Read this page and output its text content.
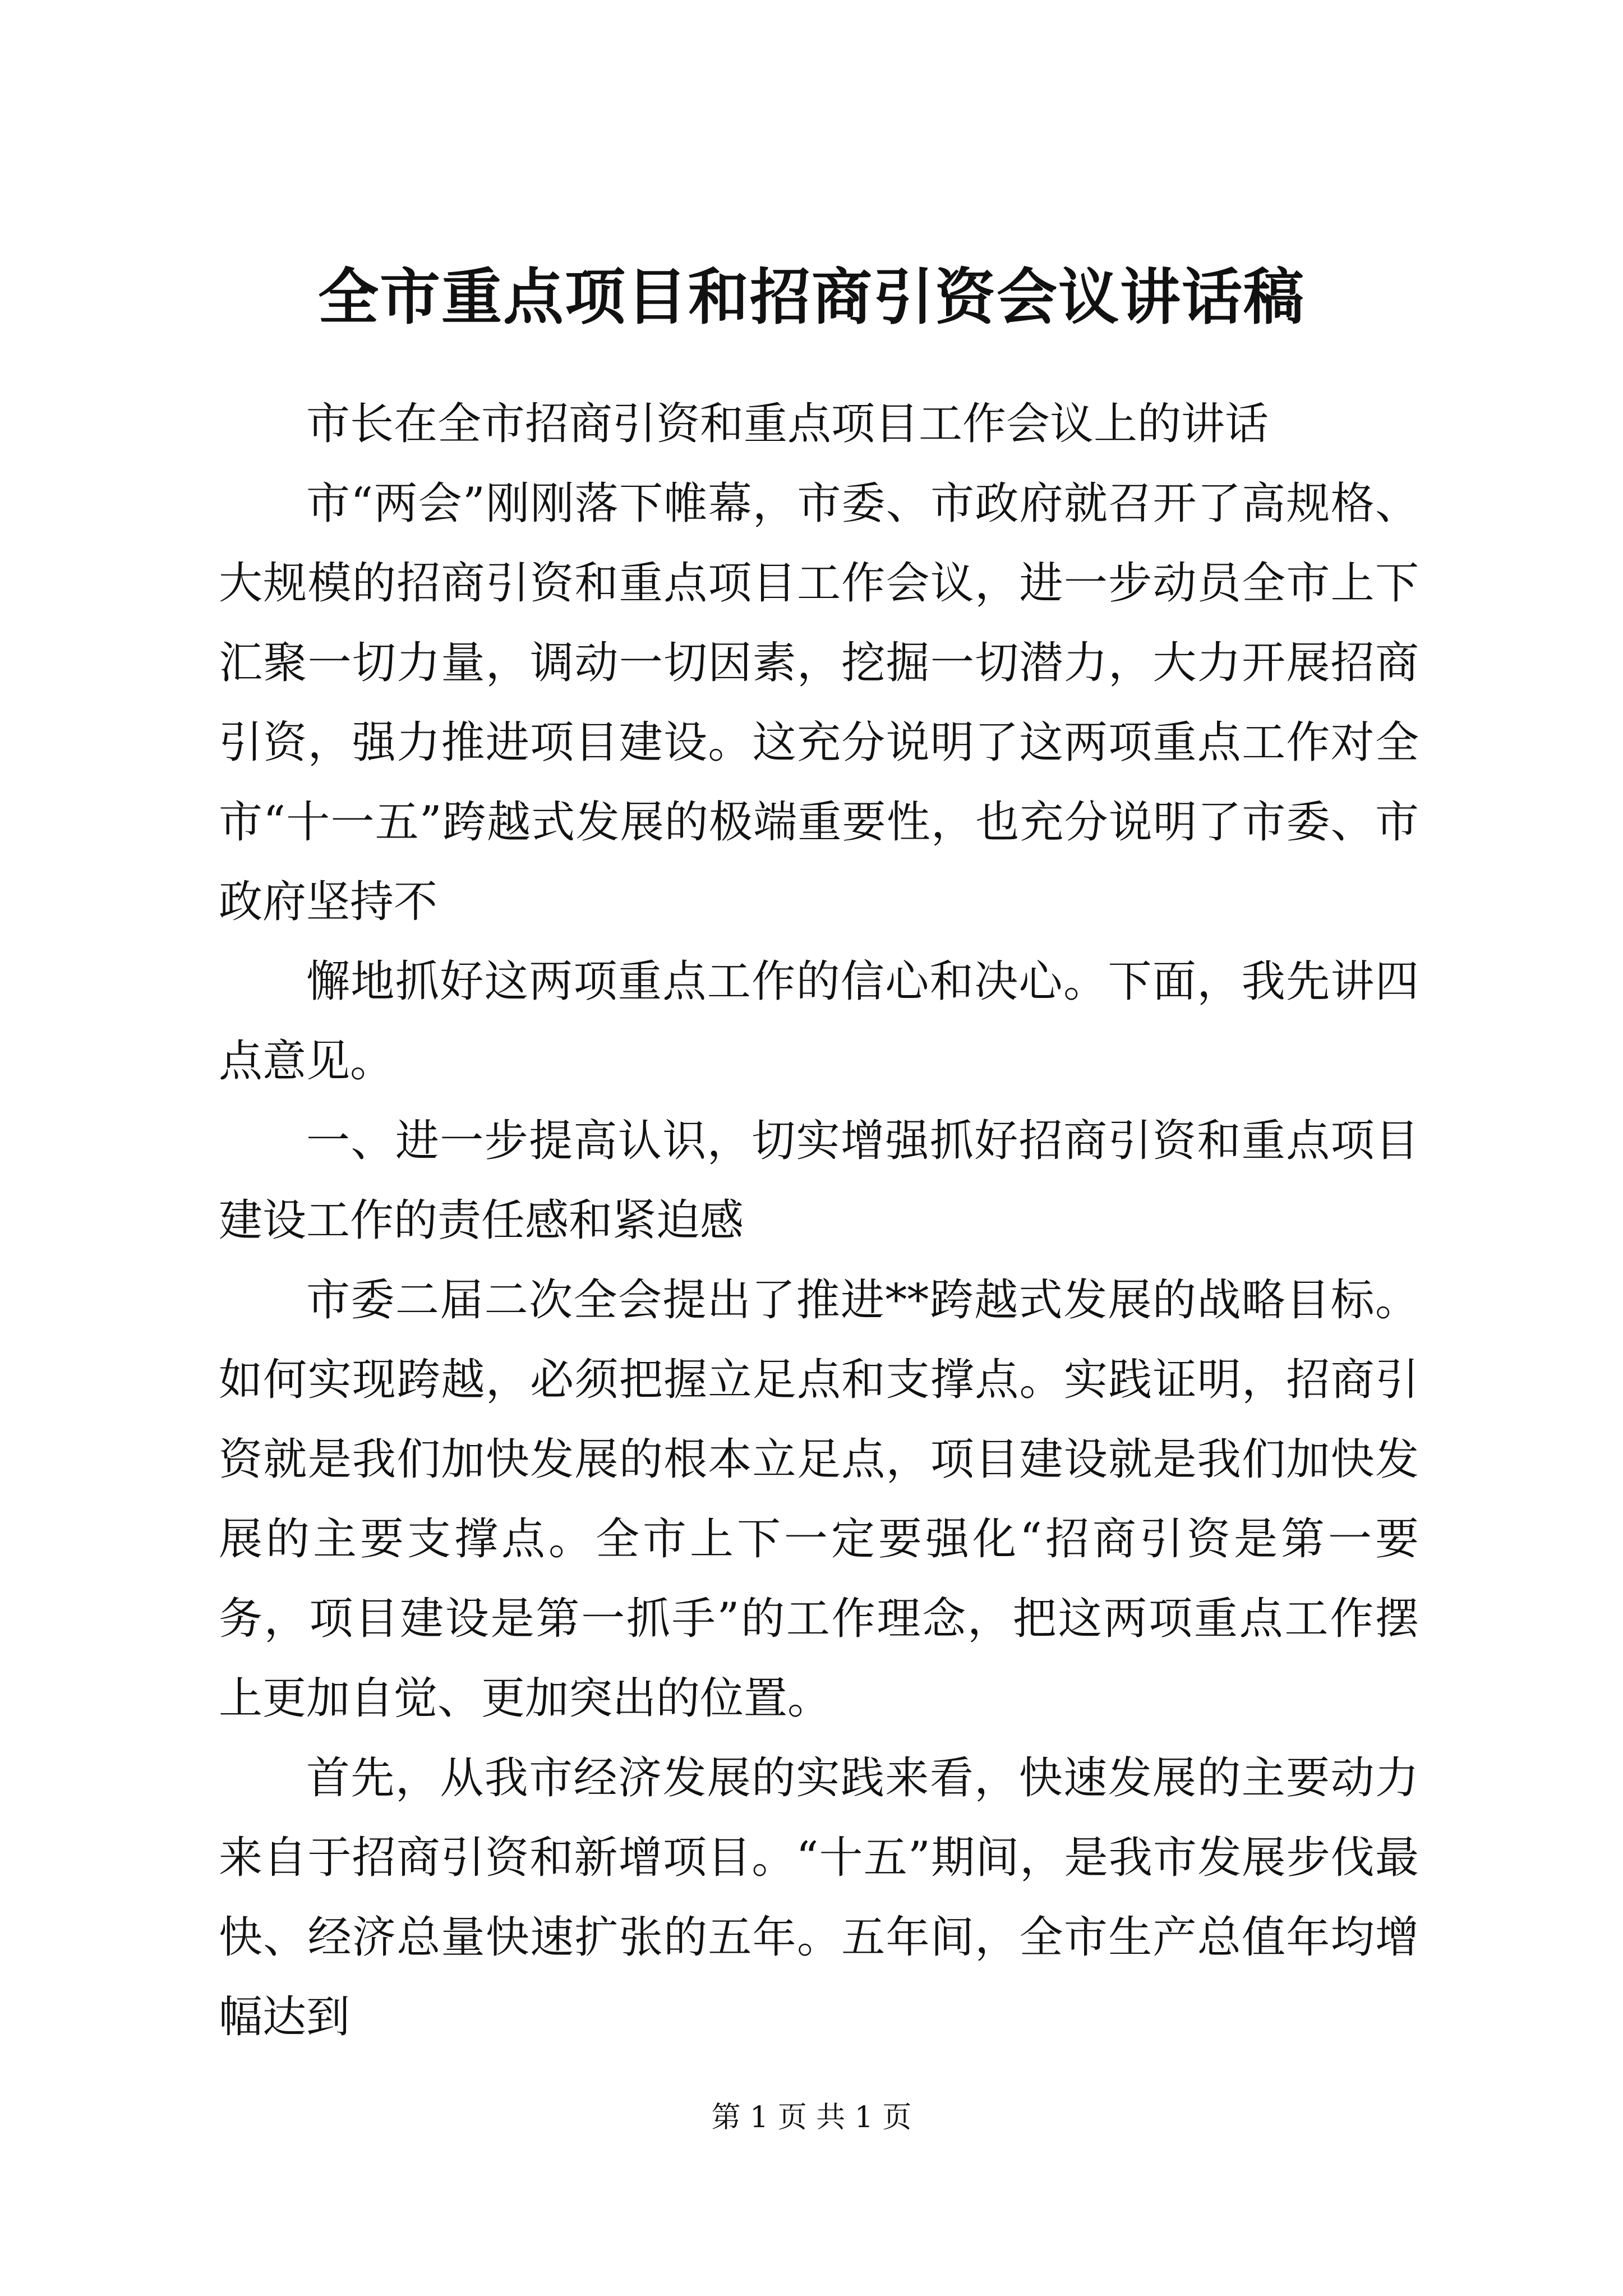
全市重点项目和招商引资会议讲话稿

市长在全市招商引资和重点项目工作会议上的讲话

市“两会”刚刚落下帷幕，市委、市政府就召开了高规格、大规模的招商引资和重点项目工作会议，进一步动员全市上下汇聚一切力量，调动一切因素，挖掘一切潜力，大力开展招商引资，强力推进项目建设。这充分说明了这两项重点工作对全市“十一五”跨越式发展的极端重要性，也充分说明了市委、市政府坚持不

懈地抓好这两项重点工作的信心和决心。下面，我先讲四点意见。

一、进一步提高认识，切实增强抓好招商引资和重点项目建设工作的责任感和紧迫感

市委二届二次全会提出了推进**跨越式发展的战略目标。如何实现跨越，必须把握立足点和支撑点。实践证明，招商引资就是我们加快发展的根本立足点，项目建设就是我们加快发展的主要支撑点。全市上下一定要强化“招商引资是第一要务，项目建设是第一抓手”的工作理念，把这两项重点工作摆上更加自觉、更加突出的位置。

首先，从我市经济发展的实践来看，快速发展的主要动力来自于招商引资和新增项目。“十五”期间，是我市发展步伐最快、经济总量快速扩张的五年。五年间，全市生产总值年均增幅达到

第 1 页 共 1 页
